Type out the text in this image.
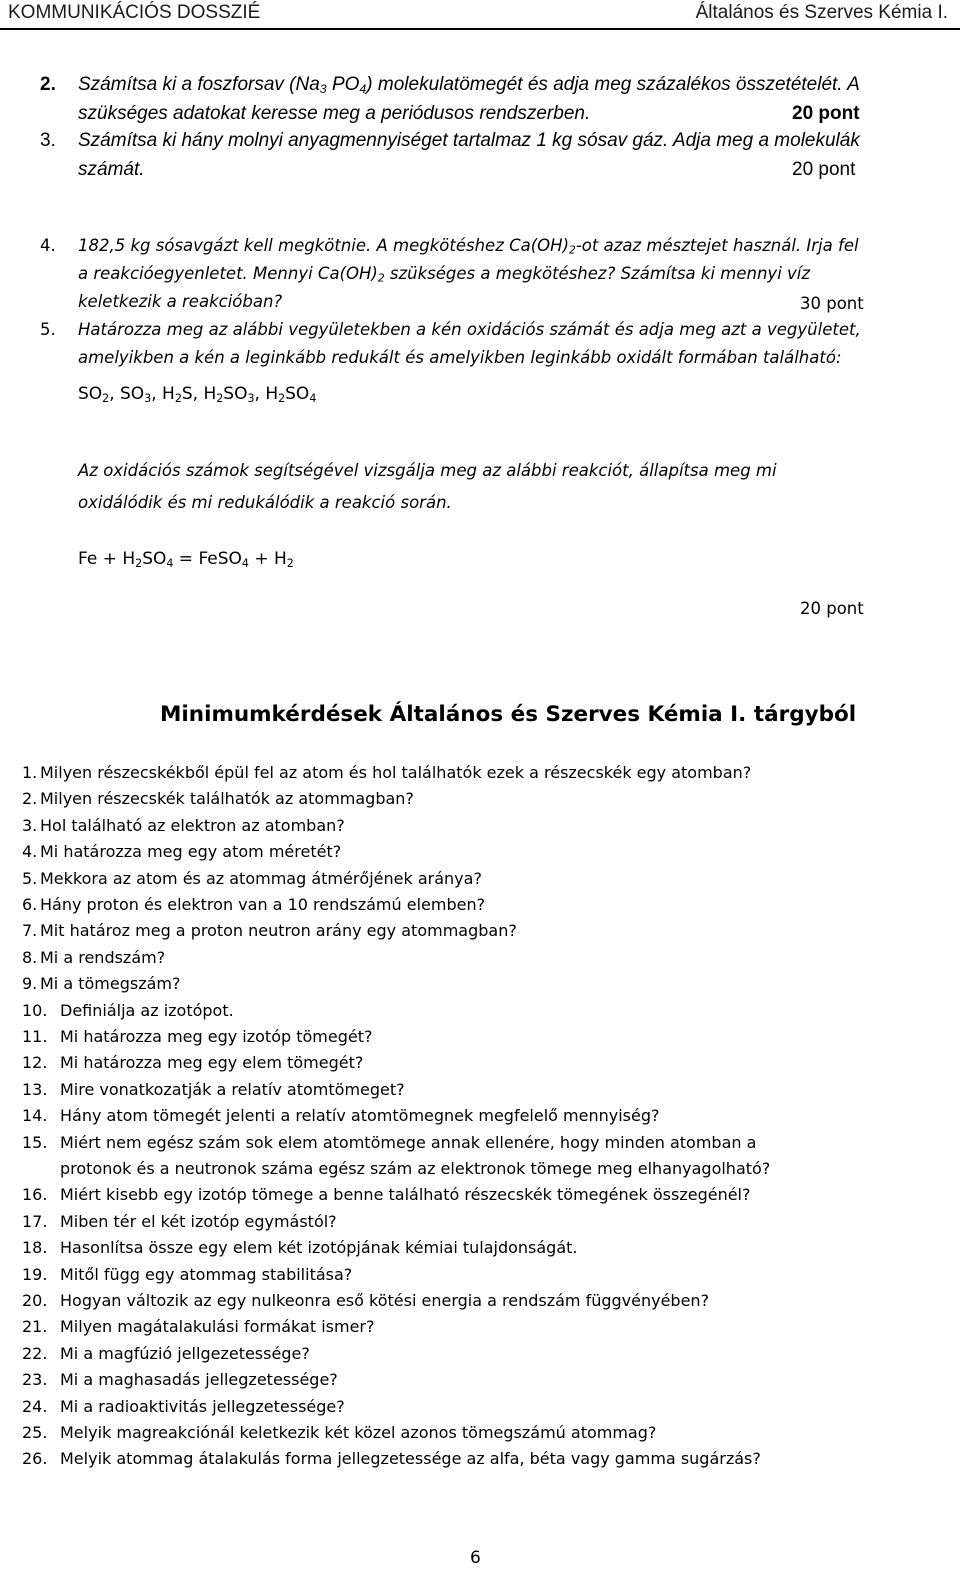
KOMMUNIKÁCIÓS DOSSZIÉ	Általános és Szerves Kémia I.
2. Számítsa ki a foszforsav ($Na_3$ $PO_4$) molekulatömegét és adja meg százalékos összetételét. A
szükséges adatokat keresse meg a periódusos rendszerben.	20 pont
3. Számítsa ki hány molnyi anyagmennyiséget tartalmaz 1 kg sósav gáz. Adja meg a molekulák
számát.	20 pont
4. 182,5 kg sósavgázt kell megkötnie. A megkötéshez $Ca(OH)_2-ot$ azaz mésztejet használ. Irja fel
a reakcióegyenletet. Mennyi $Ca(OH)_2$ szükséges a megkötéshez? Számítsa ki mennyi víz
keletkezik a reakcióban?	30 pont
5. Határozza meg az alábbi vegyületekben a kén oxidációs számát és adja meg azt a vegyületet,
amelyikben a kén a leginkább redukált és amelyikben leginkább oxidált formában található:
$SO_2$, $SO_3$, $H_2S$, $H_2SO_3$, $H_2SO_4$
Az oxidációs számok segítségével vizsgálja meg az alábbi reakciót, állapítsa meg mi
oxidálódik és mi redukálódik a reakció során.
$Fe + H_2SO_4$ = FeSO$_4$ + $H_2$
20 pont
Minimumkérdések Általános és Szerves Kémia I. tárgyból
1. Milyen részecskékből épül fel az atom és hol találhatók ezek a részecskék egy atomban?
2. Milyen részecskék találhatók az atommagban?
3. Hol található az elektron az atomban?
4. Mi határozza meg egy atom méretét?
5. Mekkora az atom és az atommag átmérőjének aránya?
6. Hány proton és elektron van a 10 rendszámú elemben?
7. Mit határoz meg a proton neutron arány egy atommagban?
8. Mi a rendszám?
9. Mi a tömegszám?
10. Definiálja az izotópot.
11. Mi határozza meg egy izotóp tömegét?
12. Mi határozza meg egy elem tömegét?
13. Mire vonatkozatják a relatív atomtömeget?
14. Hány atom tömegét jelenti a relatív atomtömegnek megfelelő mennyiség?
15. Miért nem egész szám sok elem atomtömege annak ellenére, hogy minden atomban a
protonok és a neutronok száma egész szám az elektronok tömege meg elhanyagolható?
16. Miért kisebb egy izotóp tömege a benne található részecskék tömegének összegénél?
17. Miben tér el két izotóp egymástól?
18. Hasonlítsa össze egy elem két izotópjának kémiai tulajdonságát.
19. Mitől függ egy atommag stabilitása?
20. Hogyan változik az egy nulkeonra eső kötési energia a rendszám függvényében?
21. Milyen magátalakulási formákat ismer?
22. Mi a magfúzió jellgezetessége?
23. Mi a maghasadás jellegzetessége?
24. Mi a radioaktivitás jellegzetessége?
25. Melyik magreakciónál keletkezik két közel azonos tömegszámú atommag?
26. Melyik atommag átalakulás forma jellegzetessége az alfa, béta vagy gamma sugárzás?
6
